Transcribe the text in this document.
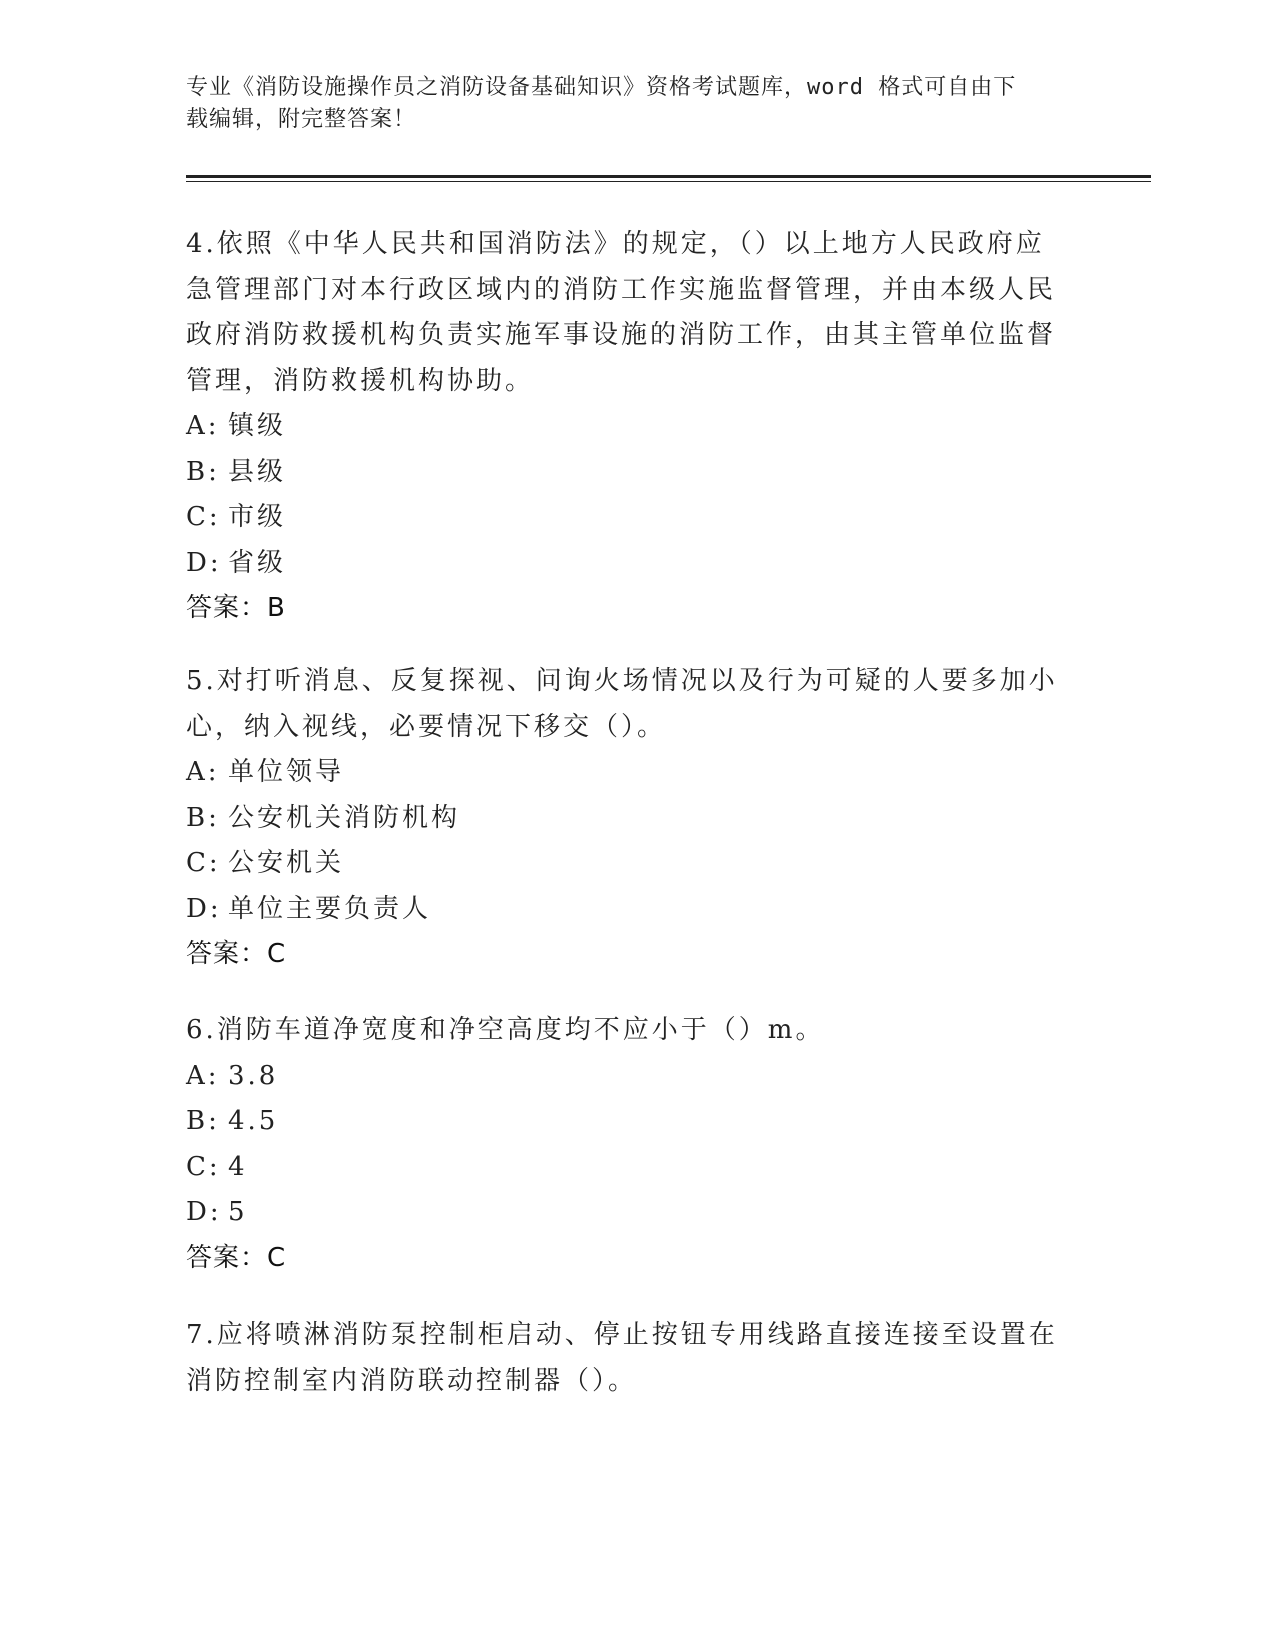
专业《消防设施操作员之消防设备基础知识》资格考试题库，word 格式可自由下
载编辑，附完整答案！
4.依照《中华人民共和国消防法》的规定，（）以上地方人民政府应
急管理部门对本行政区域内的消防工作实施监督管理，并由本级人民
政府消防救援机构负责实施军事设施的消防工作，由其主管单位监督
管理，消防救援机构协助。
A: 镇级
B: 县级
C: 市级
D: 省级
答案：B
5.对打听消息、反复探视、问询火场情况以及行为可疑的人要多加小
心，纳入视线，必要情况下移交（）。
A: 单位领导
B: 公安机关消防机构
C: 公安机关
D: 单位主要负责人
答案：C
6.消防车道净宽度和净空高度均不应小于（）m。
A: 3.8
B: 4.5
C: 4
D: 5
答案：C
7.应将喷淋消防泵控制柜启动、停止按钮专用线路直接连接至设置在
消防控制室内消防联动控制器（）。
